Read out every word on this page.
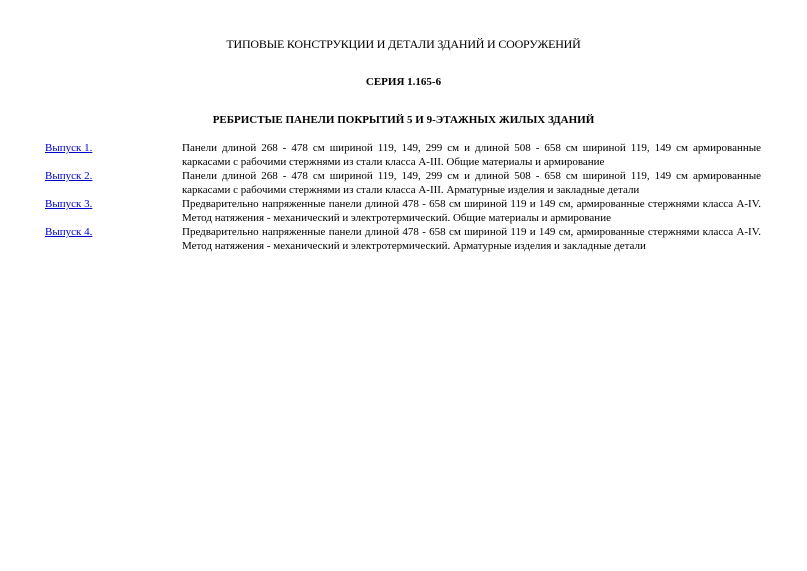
ТИПОВЫЕ КОНСТРУКЦИИ И ДЕТАЛИ ЗДАНИЙ И СООРУЖЕНИЙ
СЕРИЯ 1.165-6
РЕБРИСТЫЕ ПАНЕЛИ ПОКРЫТИЙ 5 И 9-ЭТАЖНЫХ ЖИЛЫХ ЗДАНИЙ
Выпуск 1.	Панели длиной 268 - 478 см шириной 119, 149, 299 см и длиной 508 - 658 см шириной 119, 149 см армированные
каркасами с рабочими стержнями из стали класса А-III. Общие материалы и армирование
Выпуск 2.	Панели длиной 268 - 478 см шириной 119, 149, 299 см и длиной 508 - 658 см шириной 119, 149 см армированные
каркасами с рабочими стержнями из стали класса А-III. Арматурные изделия и закладные детали
Выпуск 3.	Предварительно напряженные панели длиной 478 - 658 см шириной 119 и 149 см, армированные стержнями класса А-IV.
Метод натяжения - механический и электротермический. Общие материалы и армирование
Выпуск 4.	Предварительно напряженные панели длиной 478 - 658 см шириной 119 и 149 см, армированные стержнями класса А-IV.
Метод натяжения - механический и электротермический. Арматурные изделия и закладные детали
